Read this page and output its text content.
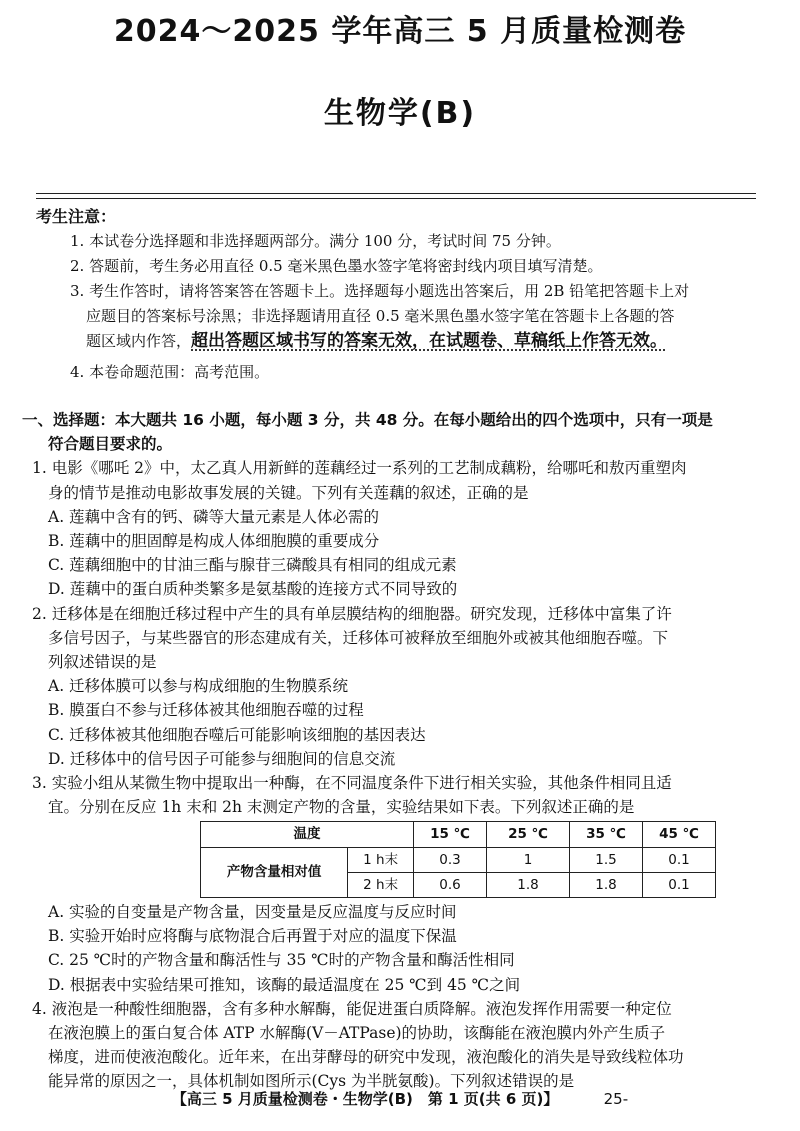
2024～2025 学年高三 5 月质量检测卷
生物学(B)
考生注意：
1. 本试卷分选择题和非选择题两部分。满分 100 分，考试时间 75 分钟。
2. 答题前，考生务必用直径 0.5 毫米黑色墨水签字笔将密封线内项目填写清楚。
3. 考生作答时，请将答案答在答题卡上。选择题每小题选出答案后，用 2B 铅笔把答题卡上对
应题目的答案标号涂黑；非选择题请用直径 0.5 毫米黑色墨水签字笔在答题卡上各题的答
题区域内作答，超出答题区域书写的答案无效，在试题卷、草稿纸上作答无效。
4. 本卷命题范围：高考范围。
一、选择题：本大题共 16 小题，每小题 3 分，共 48 分。在每小题给出的四个选项中，只有一项是
符合题目要求的。
1. 电影《哪吒 2》中，太乙真人用新鲜的莲藕经过一系列的工艺制成藕粉，给哪吒和敖丙重塑肉
身的情节是推动电影故事发展的关键。下列有关莲藕的叙述，正确的是
A. 莲藕中含有的钙、磷等大量元素是人体必需的
B. 莲藕中的胆固醇是构成人体细胞膜的重要成分
C. 莲藕细胞中的甘油三酯与腺苷三磷酸具有相同的组成元素
D. 莲藕中的蛋白质种类繁多是氨基酸的连接方式不同导致的
2. 迁移体是在细胞迁移过程中产生的具有单层膜结构的细胞器。研究发现，迁移体中富集了许
多信号因子，与某些器官的形态建成有关，迁移体可被释放至细胞外或被其他细胞吞噬。下
列叙述错误的是
A. 迁移体膜可以参与构成细胞的生物膜系统
B. 膜蛋白不参与迁移体被其他细胞吞噬的过程
C. 迁移体被其他细胞吞噬后可能影响该细胞的基因表达
D. 迁移体中的信号因子可能参与细胞间的信息交流
3. 实验小组从某微生物中提取出一种酶，在不同温度条件下进行相关实验，其他条件相同且适
宜。分别在反应 1h 末和 2h 末测定产物的含量，实验结果如下表。下列叙述正确的是
温度		15 ℃	25 ℃	35 ℃	45 ℃
产物含量相对值	1 h末	0.3	1	1.5	0.1
	2 h末	0.6	1.8	1.8	0.1
A. 实验的自变量是产物含量，因变量是反应温度与反应时间
B. 实验开始时应将酶与底物混合后再置于对应的温度下保温
C. 25 ℃时的产物含量和酶活性与 35 ℃时的产物含量和酶活性相同
D. 根据表中实验结果可推知，该酶的最适温度在 25 ℃到 45 ℃之间
4. 液泡是一种酸性细胞器，含有多种水解酶，能促进蛋白质降解。液泡发挥作用需要一种定位
在液泡膜上的蛋白复合体 ATP 水解酶(V－ATPase)的协助，该酶能在液泡膜内外产生质子
梯度，进而使液泡酸化。近年来，在出芽酵母的研究中发现，液泡酸化的消失是导致线粒体功
能异常的原因之一，具体机制如图所示(Cys 为半胱氨酸)。下列叙述错误的是
【高三 5 月质量检测卷・生物学(B)　第 1 页(共 6 页)】	25-
